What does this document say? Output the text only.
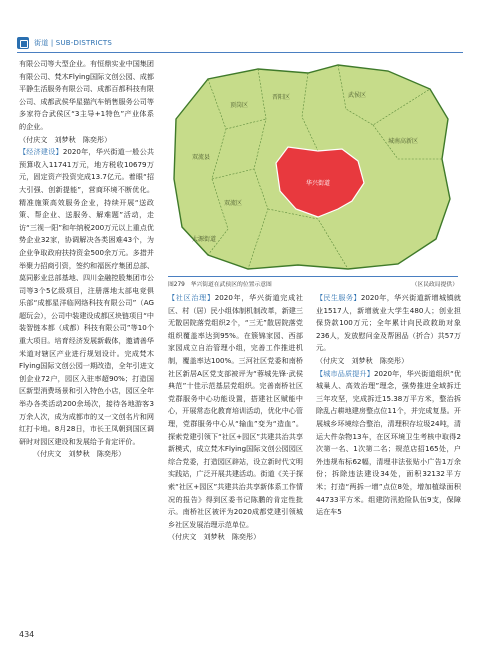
街道 | SUB-DISTRICTS

有限公司等大型企业。有恒鼎实业中国集团有限公司、梵木Flying国际文创公园、成都平静生活服务有限公司、成都百都科技有限公司、成都武侯华星猫汽车销售服务公司等多家符合武侯区“3主导+1特色”产业体系的企业。

（付庆文　刘梦秋　陈奕彤）

【经济建设】2020年，华兴街道一般公共预算收入11741万元，地方税收10679万元，固定资产投资完成13.7亿元。着眼“招大引强、创新提能”，营商环境不断优化。精准施策高效服务企业，持续开展“送政策、帮企业、送服务、解难题”活动，走访“三视一阳”和年纳税200万元以上重点优势企业32家，协调解决各类困难43个，为企业争取政府扶持资金500余万元。多措并举聚力招商引资，签约和福医疗集团总部、莫同影业总部基地、四川金融控股集团市公司等3个5亿级项目，注册落地太部电竞俱乐部“成都星洋临网络科技有限公司”（AG超玩会），公司中装建设成都区块链项目“中装智链本都（成都）科技有限公司”等10个重大项目。培育经济发展新载体，邀请善华米道对辖区产业进行规划设计。完成梵木Flying国际文创公园一期改造，全年引进文创企业72户，园区入驻率超90%；打造国区新型消费场景和引入特色小店，园区全年举办各类活动200余场次，接待各地游客3万余人次，成为成都市的又一文创名片和网红打卡地。8月28日，市长王凤朝到国区调研时对园区建设和发展给予肯定评价。

（付庆文　刘梦秋　陈奕彤）

双流县
顶岗区
晋阳区	武侯区
城南高新区
双流区
大源街道
华兴街道
图279　华兴街道在武侯区的位置示意图	（区民政局提供）

【社区治理】2020年，华兴街道完成社区、村（居）民小组体制机制改革，新建三无散居院落党组织2个，“三无”散居院落党组织覆盖率达到95%。在簇锦家园、西部家园成立自治管理小组，完善工作推进机制，覆盖率达100%。三河社区党委和南桥社区新居A区党支部被评为“蓉城先锋·武侯典范”十佳示范基层党组织。完善南桥社区党群服务中心功能设置，搭建社区赋能中心，开展常态化教育培训活动，优化中心管理，党群服务中心从“输血”变为“造血”。探索党建引领下“社区+园区”共建共治共享新模式，成立梵木Flying国际文创公园园区综合党委，打造园区辟站，设立新时代文明实践站，广泛开展共建活动。街道《关于探索“社区+园区”共建共治共享新体系工作情况的报告》得到区委书记陈鹏的肯定性批示。南桥社区被评为2020成都党建引领城乡社区发展治理示范单位。

（付庆文　刘梦秋　陈奕彤）

【民生服务】2020年，华兴街道新增城镇就业1517人，新增就业大学生480人；创业担保贷款100万元；全年累计向民政救助对象236人，发放慰问金及帮困品（折合）共57万元。

（付庆文　刘梦秋　陈奕彤）

【城市品质提升】2020年，华兴街道组织“优城巢人、高效治理”理念，强势推进全域拆迁三年攻坚，完成拆迁15.38万平方米，整治拆除乱占耕地建房整点位11个，并完成复垦。开展城乡环境综合整治，清理积存垃圾24吨，清运大件杂物13车，在区环境卫生考核中取得2次第一名、1次第二名；规范店招165处，户外违规布标62幅，清埋非法张贴小广告1万余份；拆除违法建设34处，面积32132平方米；打造“两拆一增”点位8处，增加植绿面积44733平方米。组建防汛抢险队伍9支，保障运在车5

434
